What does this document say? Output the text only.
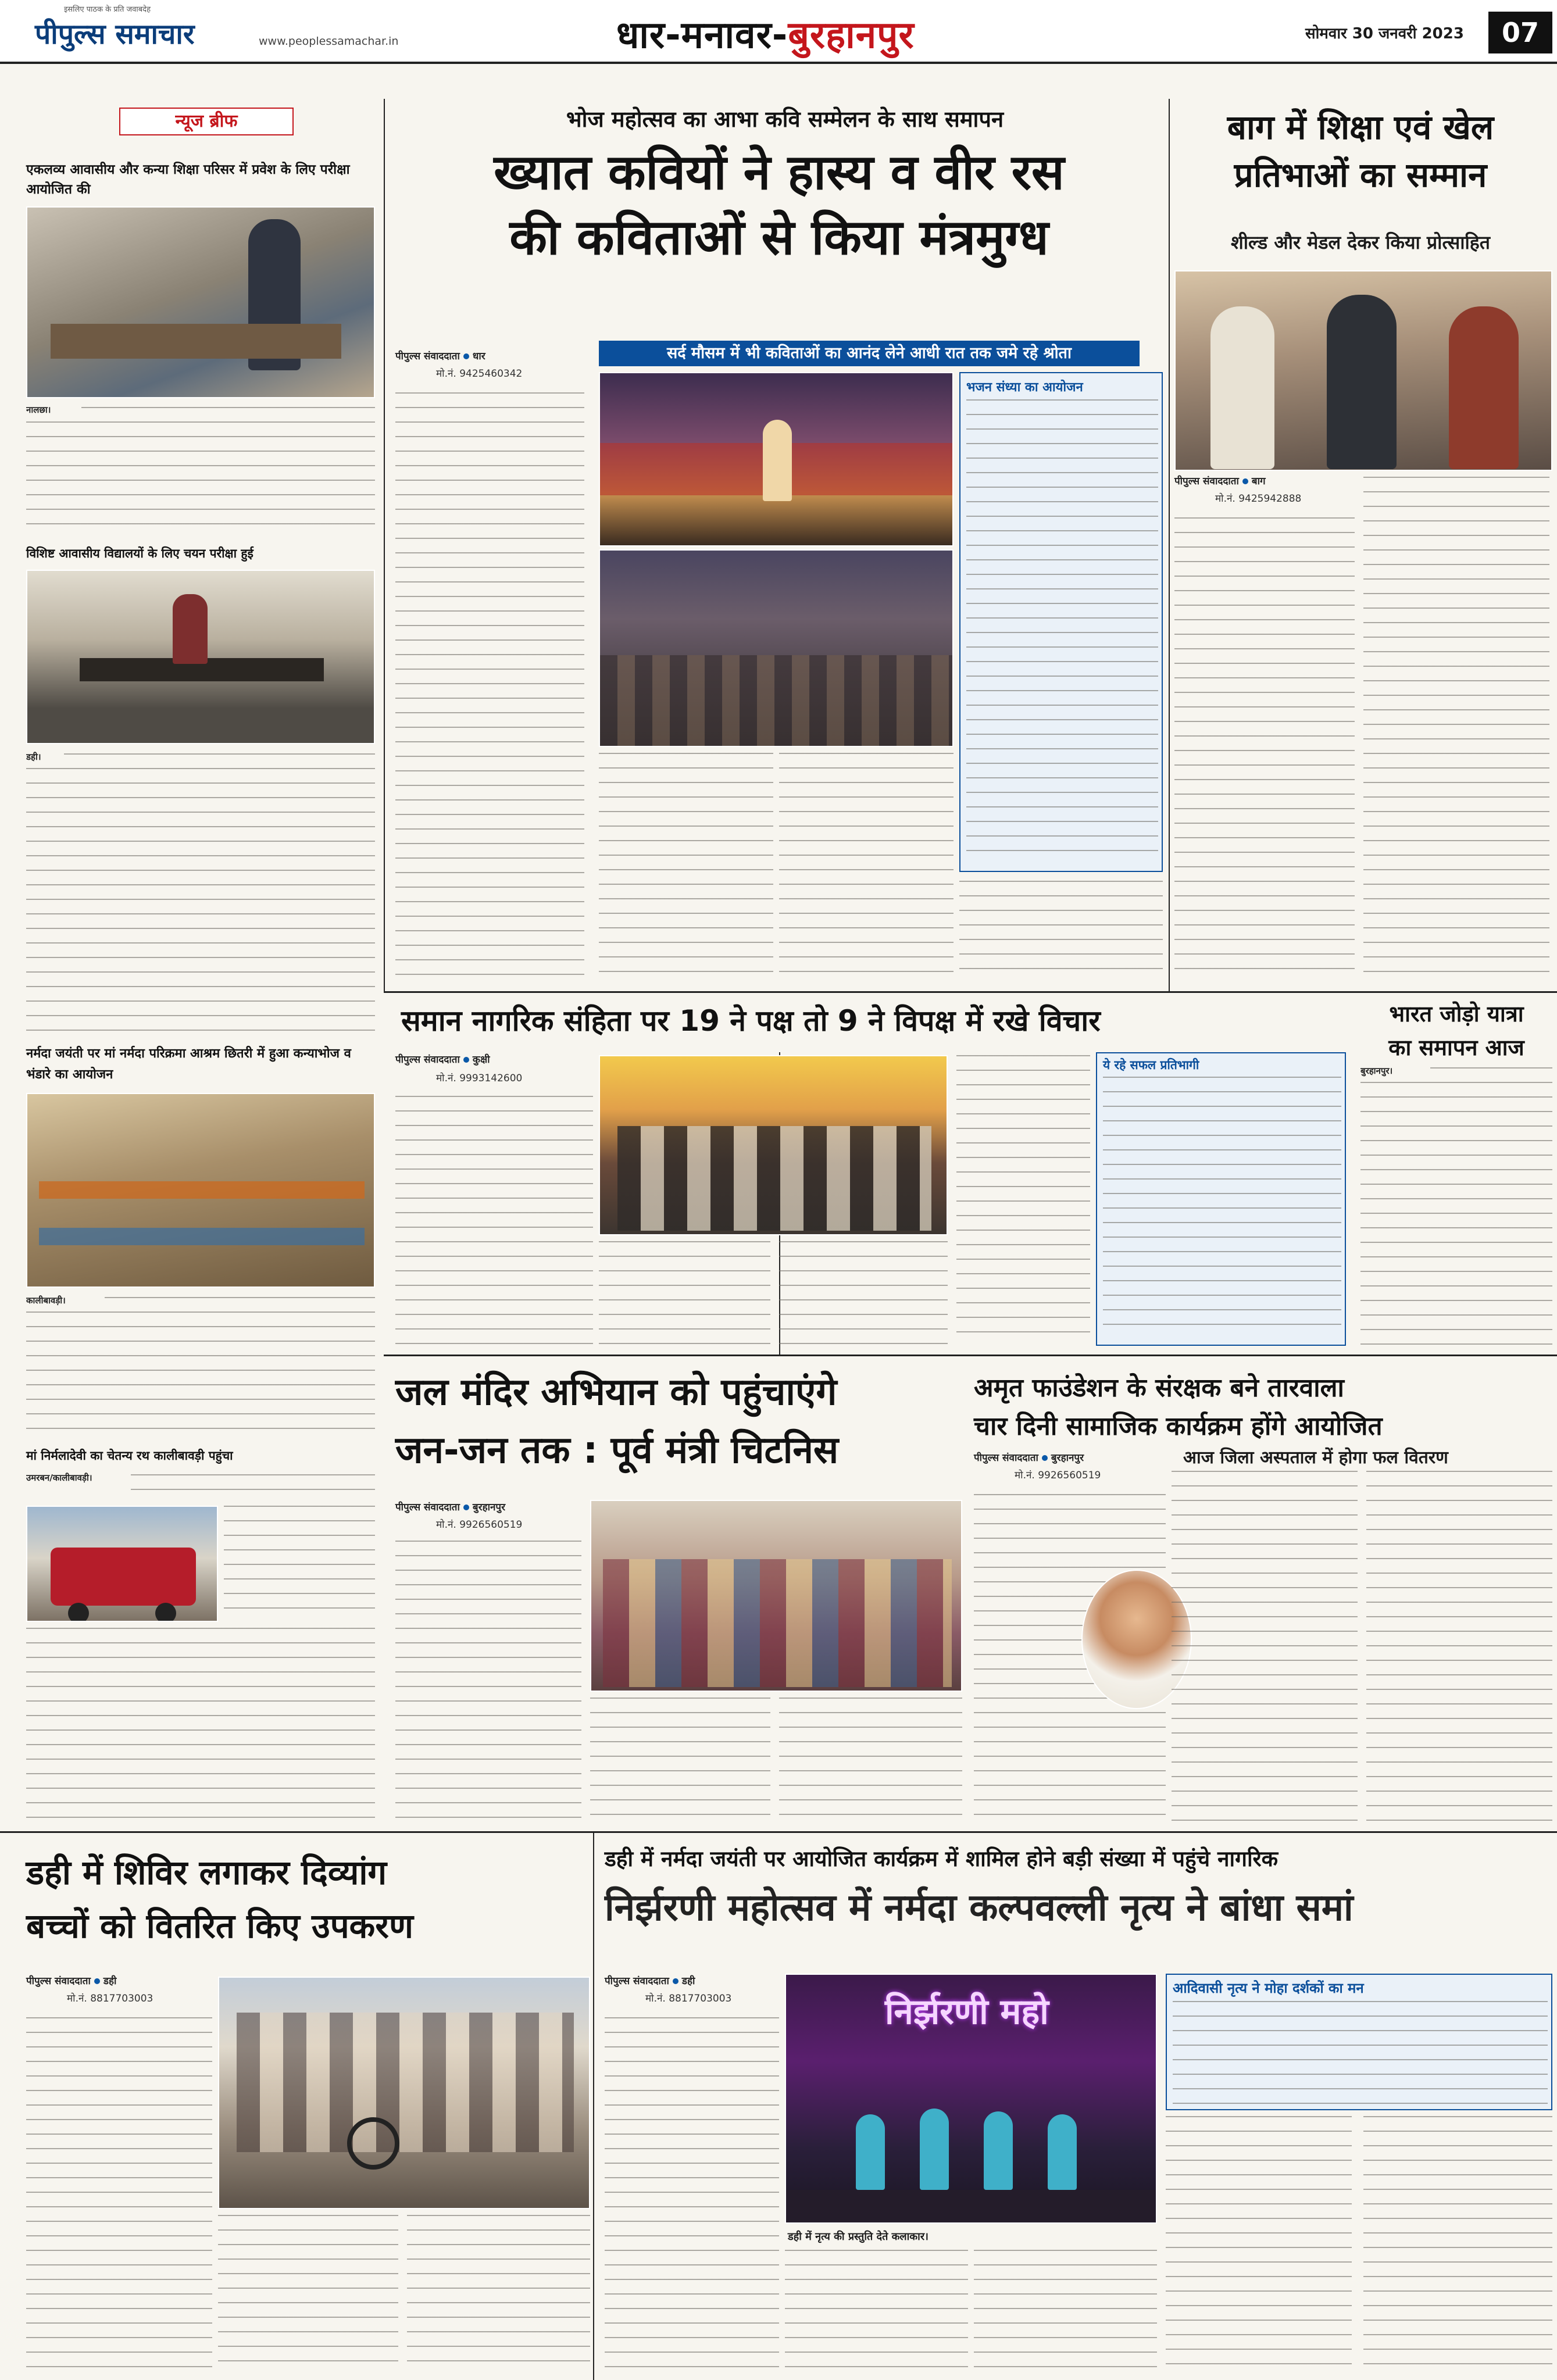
इसलिए पाठक के प्रति जवाबदेह
पीपुल्स समाचार	www.peoplessamachar.in	धार-मनावर-बुरहानपुर	सोमवार 30 जनवरी 2023	07
न्यूज ब्रीफ
एकलव्य आवासीय और कन्या शिक्षा परिसर में प्रवेश के लिए परीक्षा आयोजित की
नालछा।
विशिष्ट आवासीय विद्यालयों के लिए चयन परीक्षा हुई
डही।
नर्मदा जयंती पर मां नर्मदा परिक्रमा आश्रम छितरी में हुआ कन्याभोज व भंडारे का आयोजन
कालीबावड़ी।
मां निर्मलादेवी का चेतन्य रथ कालीबावड़ी पहुंचा
उमरबन/कालीबावड़ी।
भोज महोत्सव का आभा कवि सम्मेलन के साथ समापन
ख्यात कवियों ने हास्य व वीर रस
की कविताओं से किया मंत्रमुग्ध
पीपुल्स संवाददाता धार
मो.नं. 9425460342
सर्द मौसम में भी कविताओं का आनंद लेने आधी रात तक जमे रहे श्रोता
भजन संध्या का आयोजन
बाग में शिक्षा एवं खेल
प्रतिभाओं का सम्मान
शील्ड और मेडल देकर किया प्रोत्साहित
पीपुल्स संवाददाता बाग
मो.नं. 9425942888
समान नागरिक संहिता पर 19 ने पक्ष तो 9 ने विपक्ष में रखे विचार
पीपुल्स संवाददाता कुक्षी
मो.नं. 9993142600
ये रहे सफल प्रतिभागी
भारत जोड़ो यात्रा
का समापन आज
बुरहानपुर।
जल मंदिर अभियान को पहुंचाएंगे
जन-जन तक : पूर्व मंत्री चिटनिस
पीपुल्स संवाददाता बुरहानपुर
मो.नं. 9926560519
अमृत फाउंडेशन के संरक्षक बने तारवाला
चार दिनी सामाजिक कार्यक्रम होंगे आयोजित
पीपुल्स संवाददाता बुरहानपुर
मो.नं. 9926560519
आज जिला अस्पताल में होगा फल वितरण
डही में शिविर लगाकर दिव्यांग
बच्चों को वितरित किए उपकरण
पीपुल्स संवाददाता डही
मो.नं. 8817703003
डही में नर्मदा जयंती पर आयोजित कार्यक्रम में शामिल होने बड़ी संख्या में पहुंचे नागरिक
निर्झरणी महोत्सव में नर्मदा कल्पवल्ली नृत्य ने बांधा समां
पीपुल्स संवाददाता डही
मो.नं. 8817703003	निर्झरणी महो
डही में नृत्य की प्रस्तुति देते कलाकार।
आदिवासी नृत्य ने मोहा दर्शकों का मन
